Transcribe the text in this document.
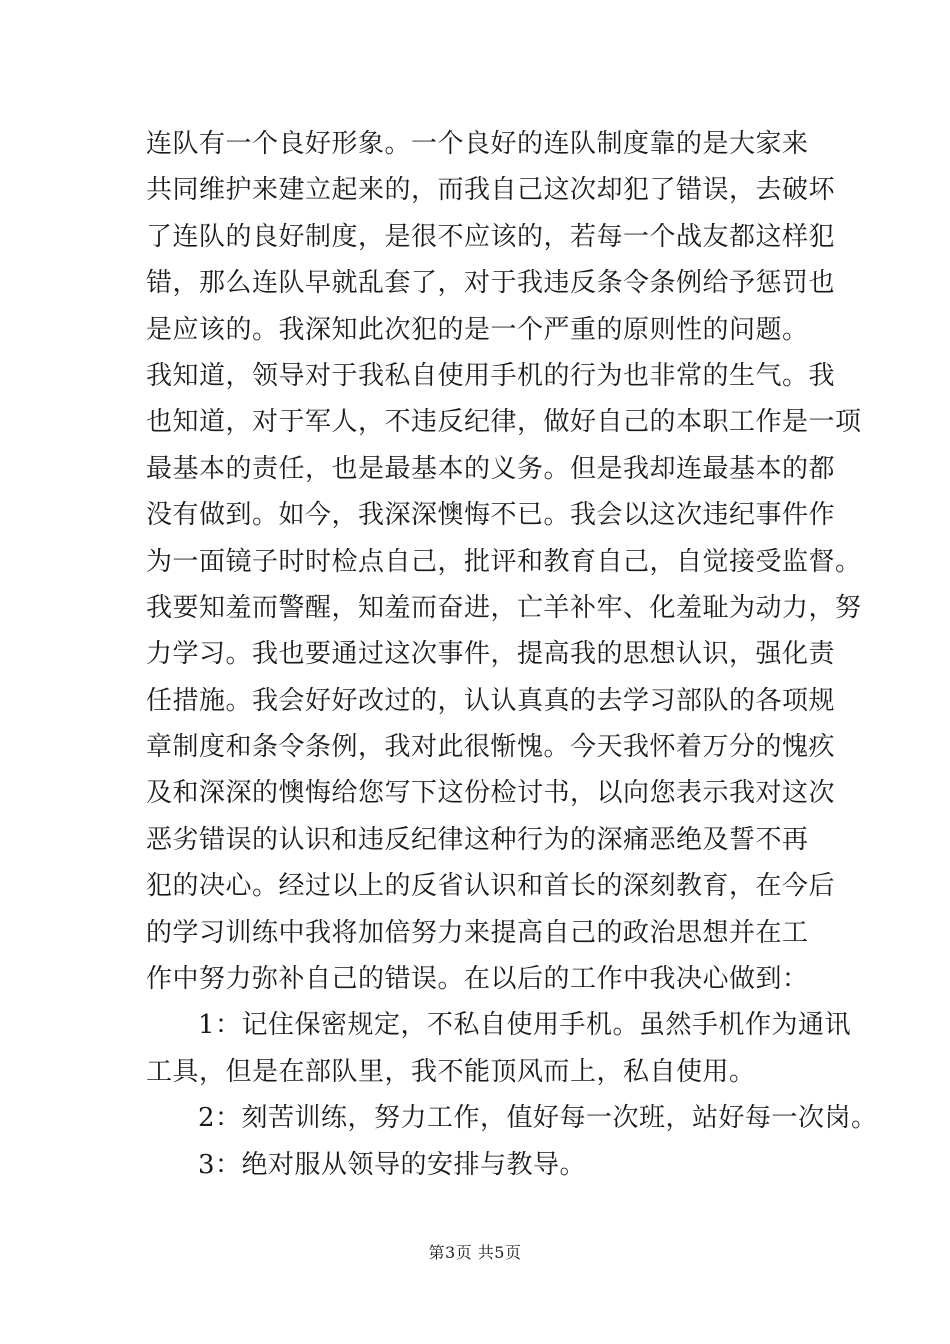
连队有一个良好形象。一个良好的连队制度靠的是大家来
共同维护来建立起来的，而我自己这次却犯了错误，去破坏
了连队的良好制度，是很不应该的，若每一个战友都这样犯
错，那么连队早就乱套了，对于我违反条令条例给予惩罚也
是应该的。我深知此次犯的是一个严重的原则性的问题。
我知道，领导对于我私自使用手机的行为也非常的生气。我
也知道，对于军人，不违反纪律，做好自己的本职工作是一项
最基本的责任，也是最基本的义务。但是我却连最基本的都
没有做到。如今，我深深懊悔不已。我会以这次违纪事件作
为一面镜子时时检点自己，批评和教育自己，自觉接受监督。
我要知羞而警醒，知羞而奋进，亡羊补牢、化羞耻为动力，努
力学习。我也要通过这次事件，提高我的思想认识，强化责
任措施。我会好好改过的，认认真真的去学习部队的各项规
章制度和条令条例，我对此很惭愧。今天我怀着万分的愧疚
及和深深的懊悔给您写下这份检讨书，以向您表示我对这次
恶劣错误的认识和违反纪律这种行为的深痛恶绝及誓不再
犯的决心。经过以上的反省认识和首长的深刻教育，在今后
的学习训练中我将加倍努力来提高自己的政治思想并在工
作中努力弥补自己的错误。在以后的工作中我决心做到：
1：记住保密规定，不私自使用手机。虽然手机作为通讯
工具，但是在部队里，我不能顶风而上，私自使用。
2：刻苦训练，努力工作，值好每一次班，站好每一次岗。
3：绝对服从领导的安排与教导。
第3页 共5页
